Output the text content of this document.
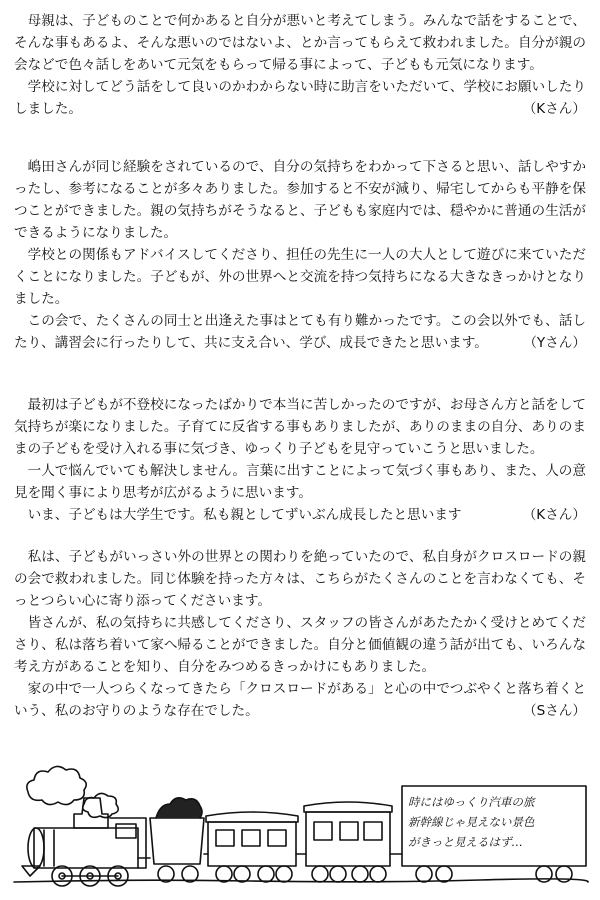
母親は、子どものことで何かあると自分が悪いと考えてしまう。みんなで話をすることで、そんな事もあるよ、そんな悪いのではないよ、とか言ってもらえて救われました。自分が親の会などで色々話しをあいて元気をもらって帰る事によって、子どもも元気になります。

学校に対してどう話をして良いのかわからない時に助言をいただいて、学校にお願いしたりしました。	（Kさん）

嶋田さんが同じ経験をされているので、自分の気持ちをわかって下さると思い、話しやすかったし、参考になることが多々ありました。参加すると不安が減り、帰宅してからも平静を保つことができました。親の気持ちがそうなると、子どもも家庭内では、穏やかに普通の生活ができるようになりました。

学校との関係もアドバイスしてくださり、担任の先生に一人の大人として遊びに来ていただくことになりました。子どもが、外の世界へと交流を持つ気持ちになる大きなきっかけとなりました。

この会で、たくさんの同士と出逢えた事はとても有り難かったです。この会以外でも、話したり、講習会に行ったりして、共に支え合い、学び、成長できたと思います。	（Yさん）

最初は子どもが不登校になったばかりで本当に苦しかったのですが、お母さん方と話をして気持ちが楽になりました。子育てに反省する事もありましたが、ありのままの自分、ありのままの子どもを受け入れる事に気づき、ゆっくり子どもを見守っていこうと思いました。

一人で悩んでいても解決しません。言葉に出すことによって気づく事もあり、また、人の意見を聞く事により思考が広がるように思います。

いま、子どもは大学生です。私も親としてずいぶん成長したと思います	（Kさん）

私は、子どもがいっさい外の世界との関わりを絶っていたので、私自身がクロスロードの親の会で救われました。同じ体験を持った方々は、こちらがたくさんのことを言わなくても、そっとつらい心に寄り添ってくださいます。

皆さんが、私の気持ちに共感してくださり、スタッフの皆さんがあたたかく受けとめてくださり、私は落ち着いて家へ帰ることができました。自分と価値観の違う話が出ても、いろんな考え方があることを知り、自分をみつめるきっかけにもありました。

家の中で一人つらくなってきたら「クロスロードがある」と心の中でつぶやくと落ち着くという、私のお守りのような存在でした。	（Sさん）
時にはゆっくり汽車の旅
新幹線じゃ見えない景色
がきっと見えるはず…
